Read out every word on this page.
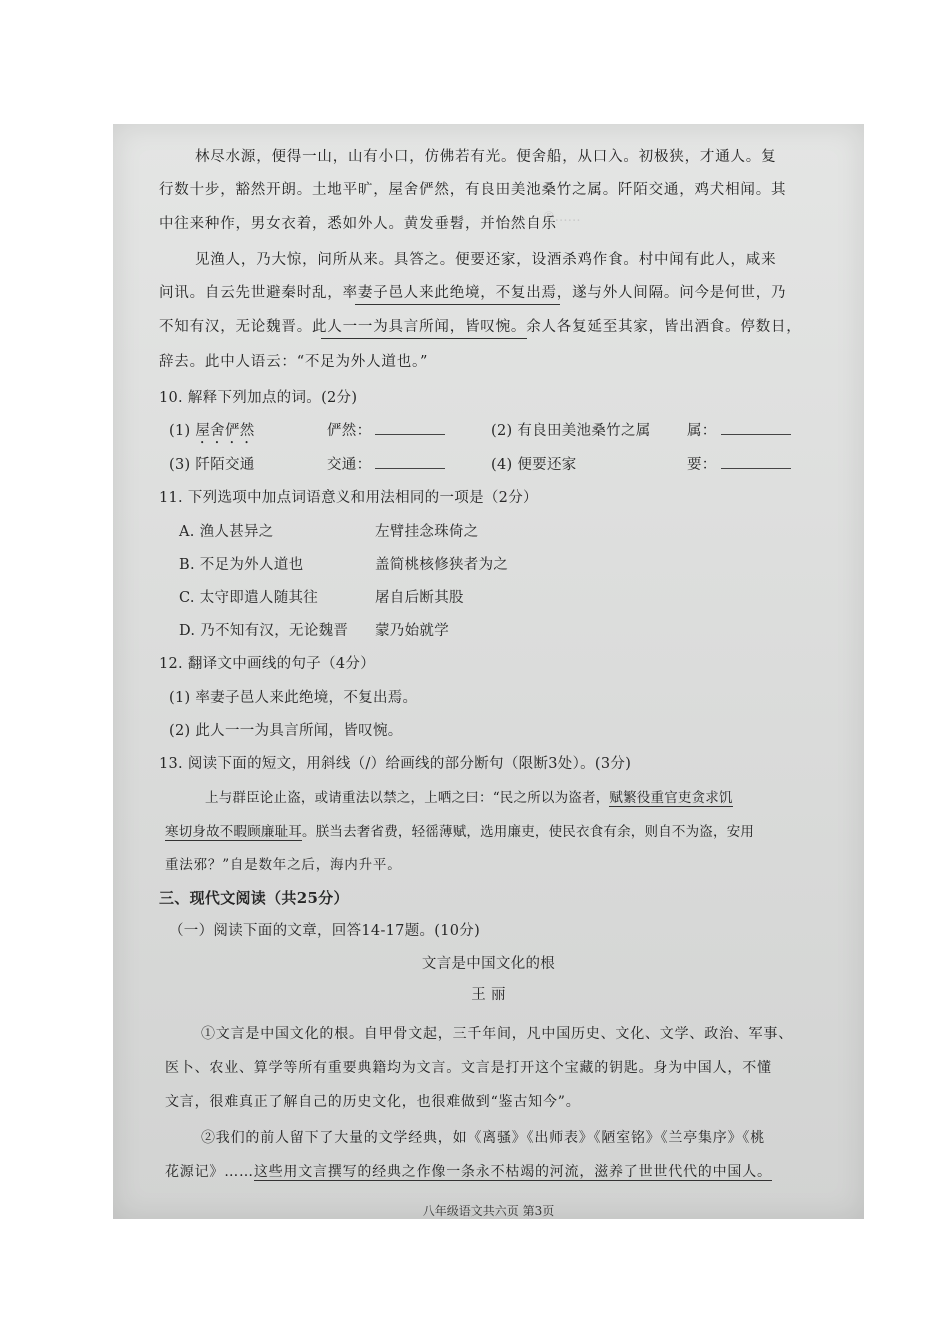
⑤……
林尽水源，便得一山，山有小口，仿佛若有光。便舍船，从口入。初极狭，才通人。复
行数十步，豁然开朗。土地平旷，屋舍俨然，有良田美池桑竹之属。阡陌交通，鸡犬相闻。其
中往来种作，男女衣着，悉如外人。黄发垂髫，并怡然自乐
见渔人，乃大惊，问所从来。具答之。便要还家，设酒杀鸡作食。村中闻有此人，咸来
问讯。自云先世避秦时乱，率妻子邑人来此绝境，不复出焉，遂与外人间隔。问今是何世，乃
不知有汉，无论魏晋。此人一一为具言所闻，皆叹惋。余人各复延至其家，皆出酒食。停数日，
辞去。此中人语云：“不足为外人道也。”
10. 解释下列加点的词。(2分)
(1) 屋舍俨然	俨然：	(2) 有良田美池桑竹之属	属：
(3) 阡陌交通	交通：	(4) 便要还家	要：
11. 下列选项中加点词语意义和用法相同的一项是（2分）
A. 渔人甚异之	左臂挂念珠倚之
B. 不足为外人道也	盖简桃核修狭者为之
C. 太守即遣人随其往	屠自后断其股
D. 乃不知有汉，无论魏晋	蒙乃始就学
12. 翻译文中画线的句子（4分）
(1) 率妻子邑人来此绝境，不复出焉。
(2) 此人一一为具言所闻，皆叹惋。
13. 阅读下面的短文，用斜线（/）给画线的部分断句（限断3处）。(3分)
上与群臣论止盗，或请重法以禁之，上哂之曰：“民之所以为盗者，赋繁役重官吏贪求饥
寒切身故不暇顾廉耻耳。朕当去奢省费，轻徭薄赋，选用廉吏，使民衣食有余，则自不为盗，安用
重法邪？”自是数年之后，海内升平。
三、现代文阅读（共25分）
（一）阅读下面的文章，回答14-17题。(10分)
文言是中国文化的根
王 丽
①文言是中国文化的根。自甲骨文起，三千年间，凡中国历史、文化、文学、政治、军事、
医卜、农业、算学等所有重要典籍均为文言。文言是打开这个宝藏的钥匙。身为中国人，不懂
文言，很难真正了解自己的历史文化，也很难做到“鉴古知今”。
②我们的前人留下了大量的文学经典，如《离骚》《出师表》《陋室铭》《兰亭集序》《桃
花源记》……这些用文言撰写的经典之作像一条永不枯竭的河流，滋养了世世代代的中国人。
八年级语文共六页 第3页
